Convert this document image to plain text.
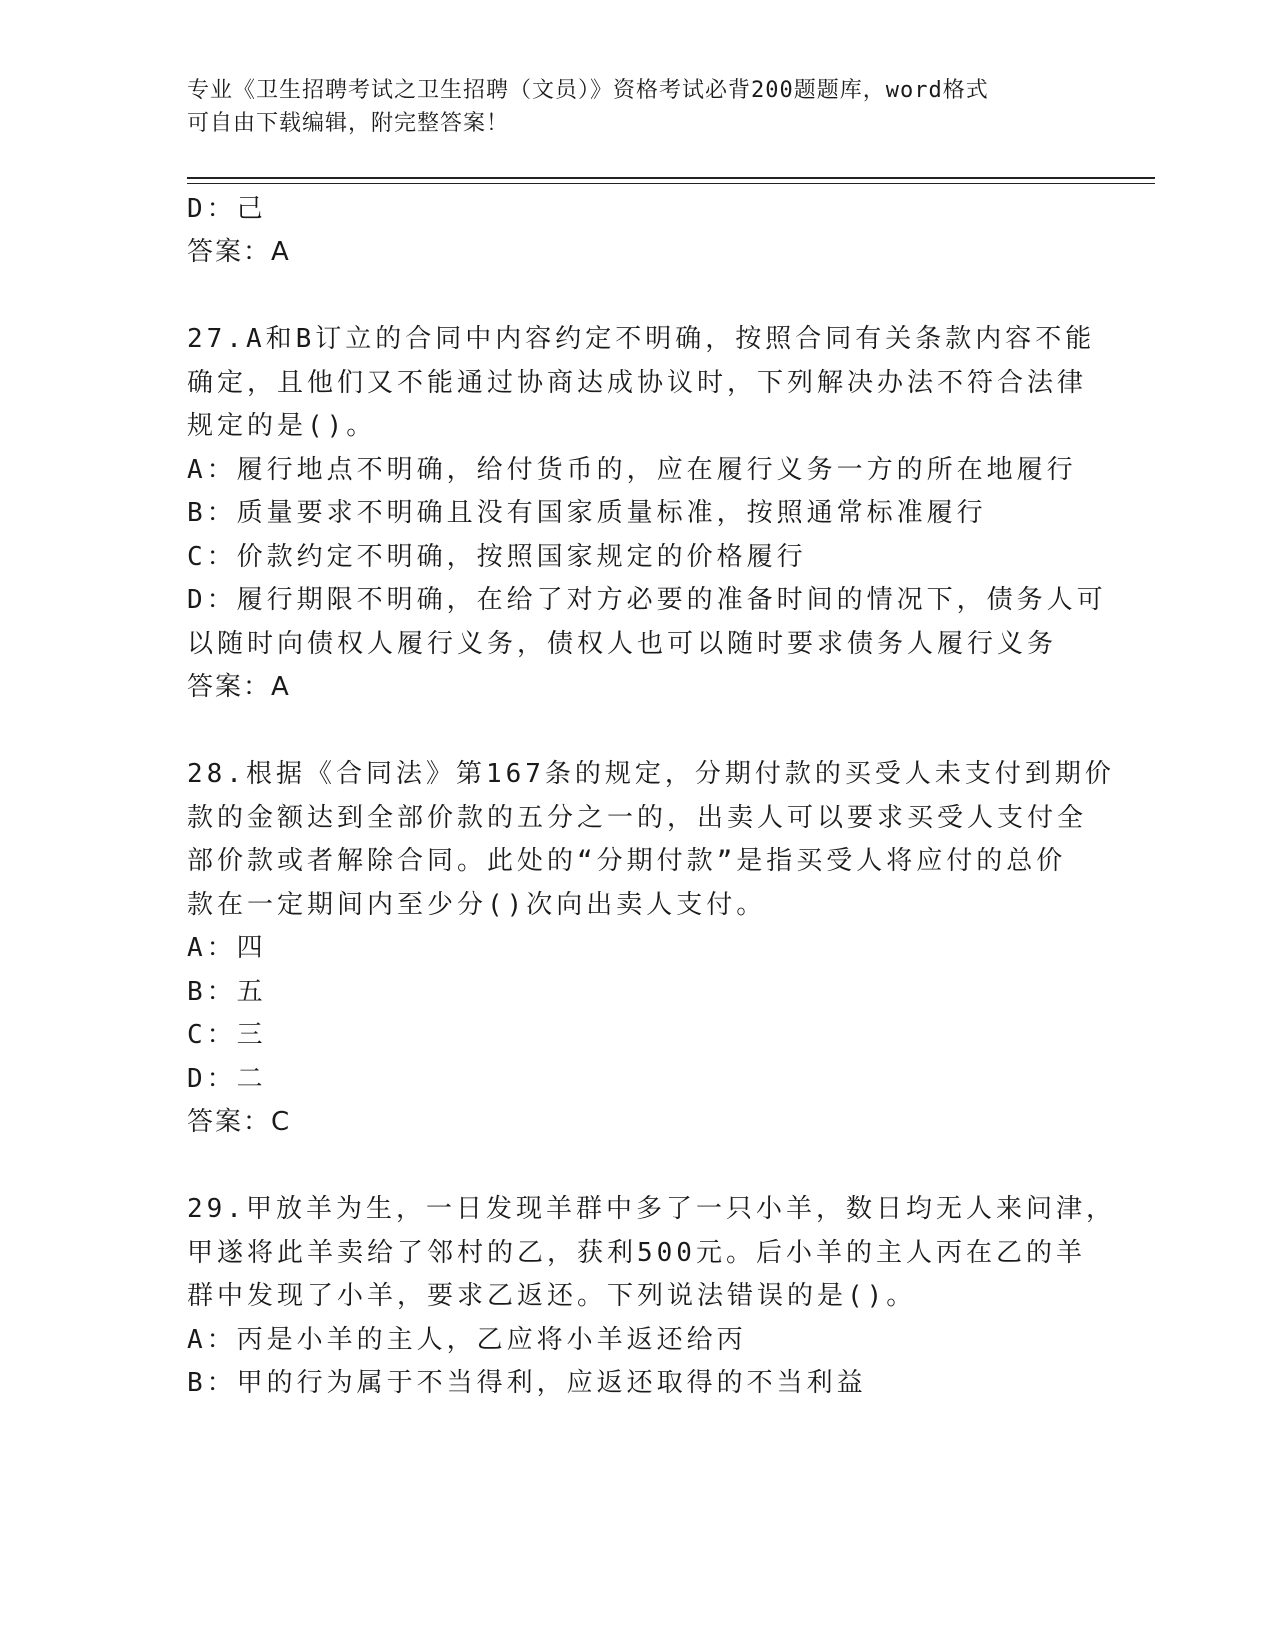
专业《卫生招聘考试之卫生招聘（文员）》资格考试必背200题题库，word格式
可自由下载编辑，附完整答案！
D：己
答案：A
27.A和B订立的合同中内容约定不明确，按照合同有关条款内容不能
确定，且他们又不能通过协商达成协议时，下列解决办法不符合法律
规定的是()。
A：履行地点不明确，给付货币的，应在履行义务一方的所在地履行
B：质量要求不明确且没有国家质量标准，按照通常标准履行
C：价款约定不明确，按照国家规定的价格履行
D：履行期限不明确，在给了对方必要的准备时间的情况下，债务人可
以随时向债权人履行义务，债权人也可以随时要求债务人履行义务
答案：A
28.根据《合同法》第167条的规定，分期付款的买受人未支付到期价
款的金额达到全部价款的五分之一的，出卖人可以要求买受人支付全
部价款或者解除合同。此处的“分期付款”是指买受人将应付的总价
款在一定期间内至少分()次向出卖人支付。
A：四
B：五
C：三
D：二
答案：C
29.甲放羊为生，一日发现羊群中多了一只小羊，数日均无人来问津，
甲遂将此羊卖给了邻村的乙，获利500元。后小羊的主人丙在乙的羊
群中发现了小羊，要求乙返还。下列说法错误的是()。
A：丙是小羊的主人，乙应将小羊返还给丙
B：甲的行为属于不当得利，应返还取得的不当利益
